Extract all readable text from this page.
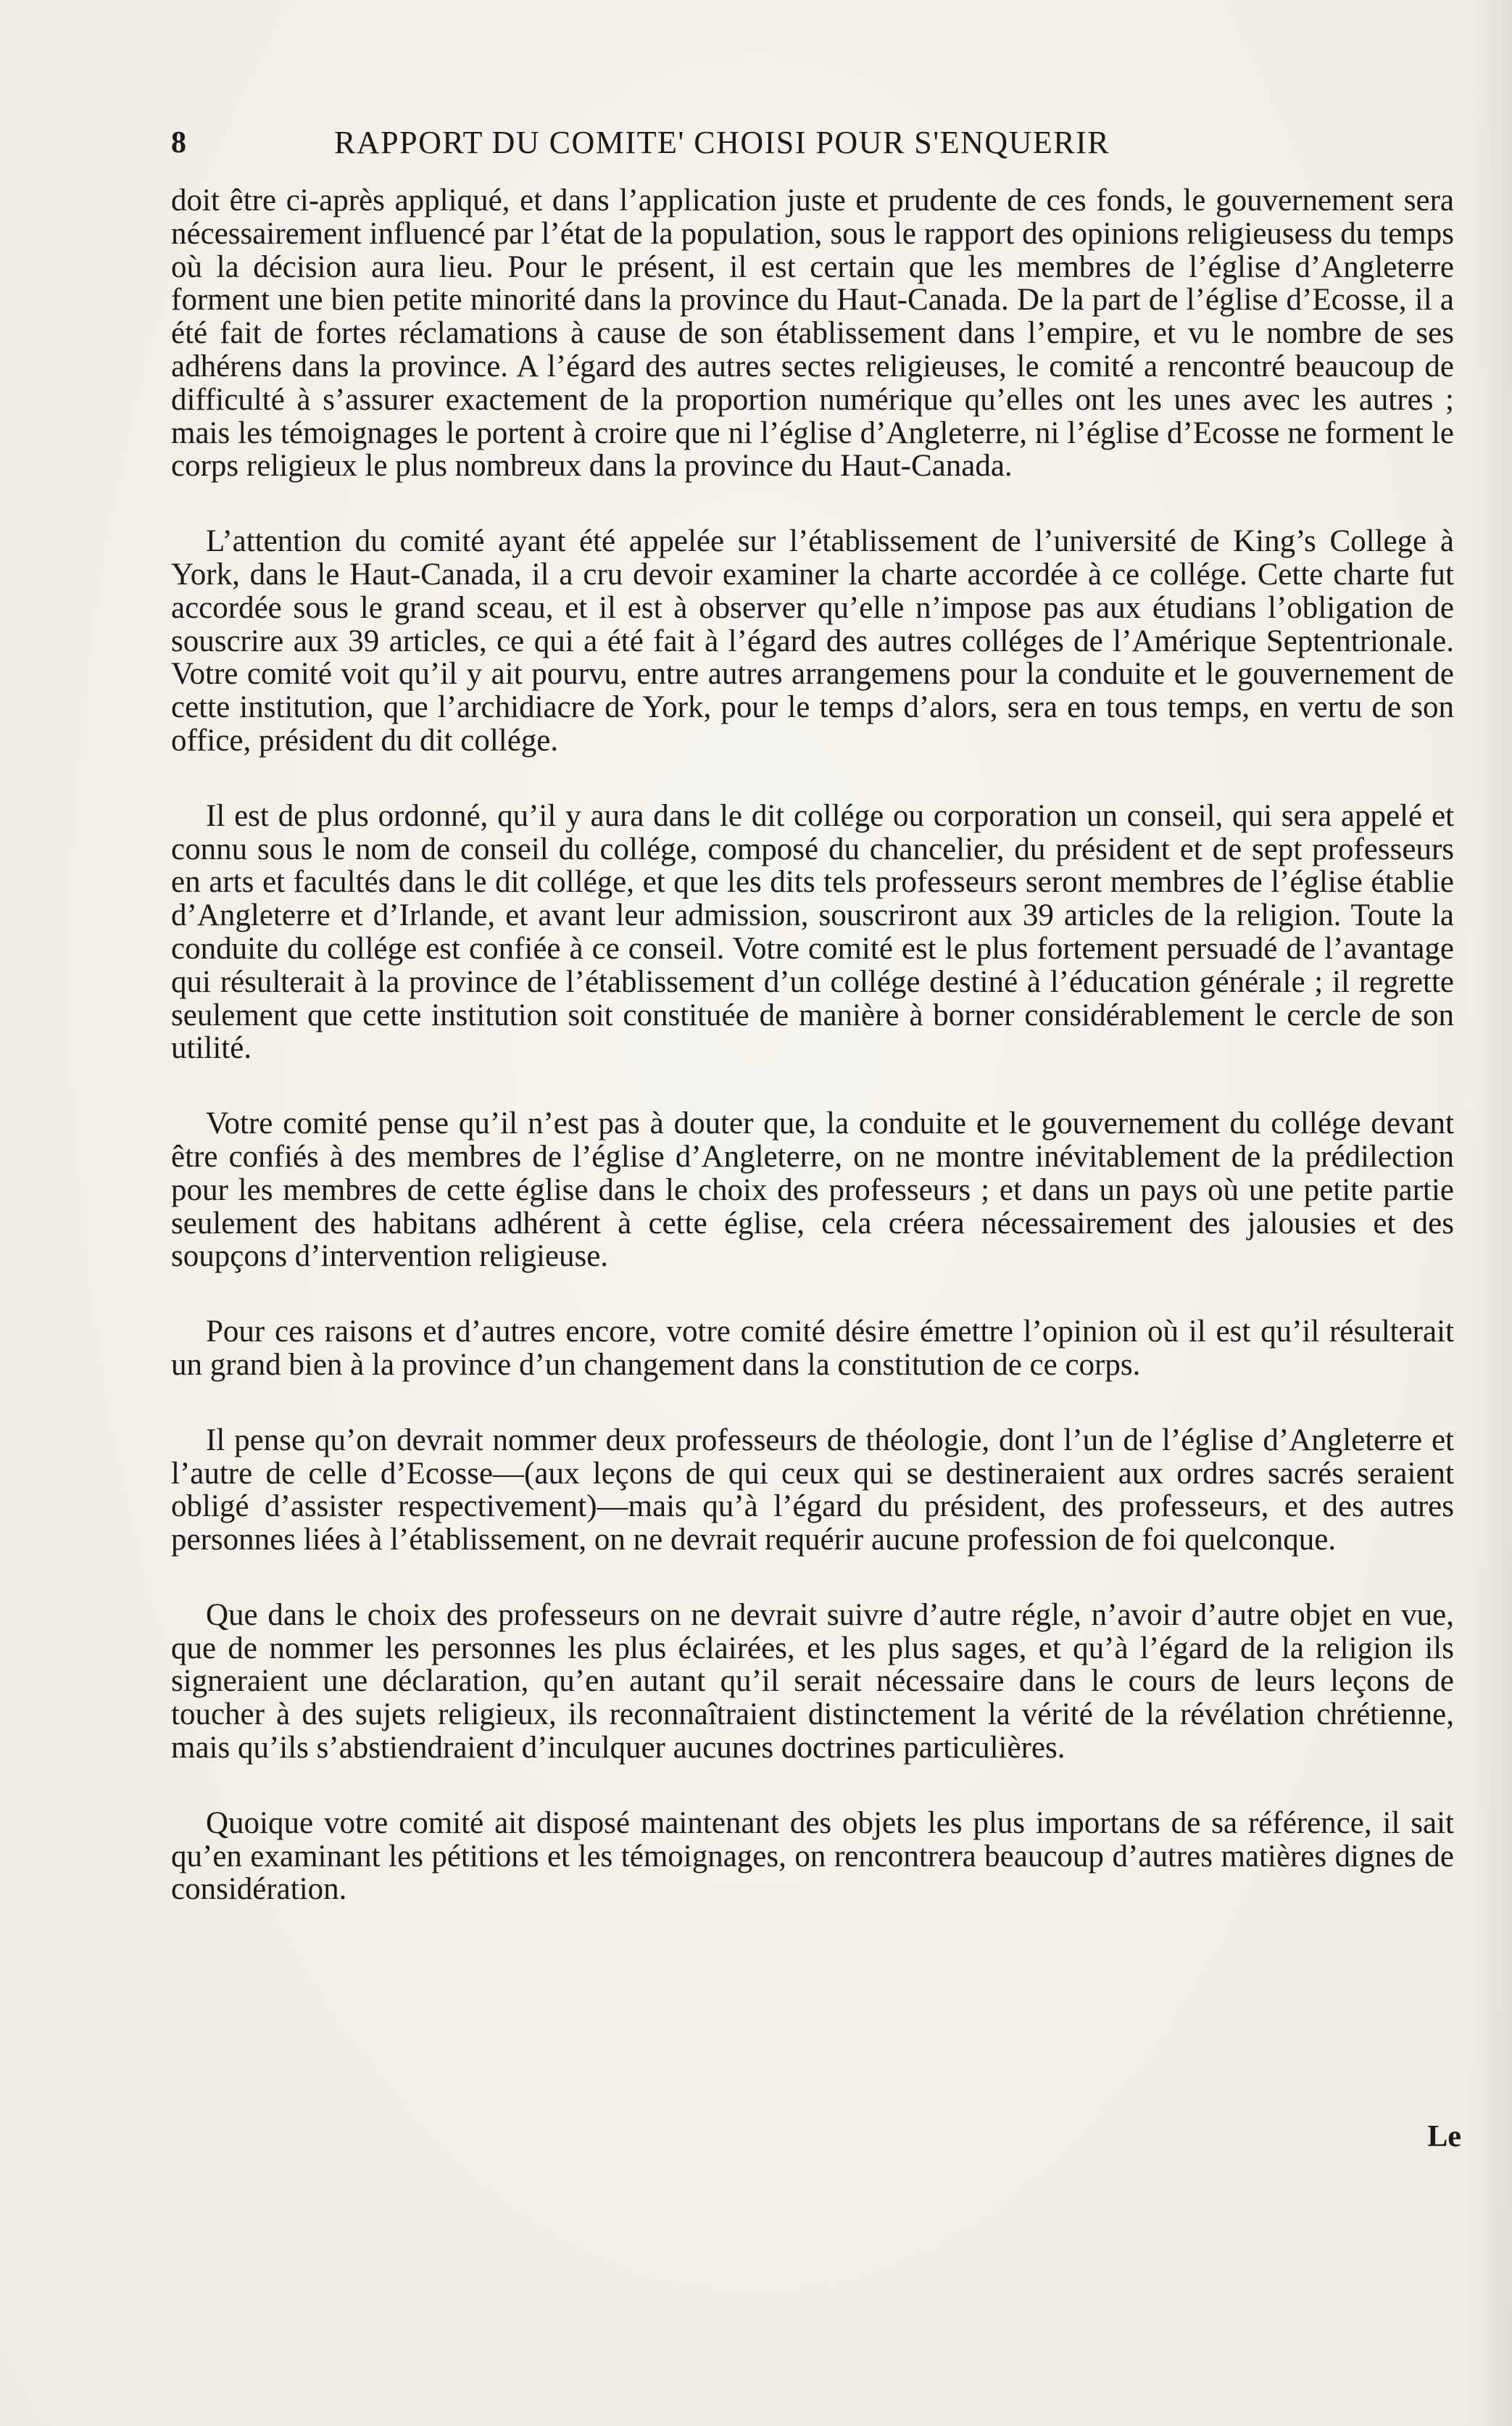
8	RAPPORT DU COMITE' CHOISI POUR S'ENQUERIR

doit être ci-après appliqué, et dans l’application juste et prudente de ces fonds, le gouvernement sera nécessairement influencé par l’état de la population, sous le rapport des opinions religieusess du temps où la décision aura lieu. Pour le présent, il est certain que les membres de l’église d’Angleterre forment une bien petite minorité dans la province du Haut-Canada. De la part de l’église d’Ecosse, il a été fait de fortes réclamations à cause de son établissement dans l’empire, et vu le nombre de ses adhérens dans la province. A l’égard des autres sectes religieuses, le comité a rencontré beaucoup de difficulté à s’assurer exactement de la proportion numérique qu’elles ont les unes avec les autres ; mais les témoignages le portent à croire que ni l’église d’Angleterre, ni l’église d’Ecosse ne forment le corps religieux le plus nombreux dans la province du Haut-Canada.

L’attention du comité ayant été appelée sur l’établissement de l’université de King’s College à York, dans le Haut-Canada, il a cru devoir examiner la charte accordée à ce collége. Cette charte fut accordée sous le grand sceau, et il est à observer qu’elle n’impose pas aux étudians l’obligation de souscrire aux 39 articles, ce qui a été fait à l’égard des autres colléges de l’Amérique Septentrionale. Votre comité voit qu’il y ait pourvu, entre autres arrangemens pour la conduite et le gouvernement de cette institution, que l’archidiacre de York, pour le temps d’alors, sera en tous temps, en vertu de son office, président du dit collége.

Il est de plus ordonné, qu’il y aura dans le dit collége ou corporation un conseil, qui sera appelé et connu sous le nom de conseil du collége, composé du chancelier, du président et de sept professeurs en arts et facultés dans le dit collége, et que les dits tels professeurs seront membres de l’église établie d’Angleterre et d’Irlande, et avant leur admission, souscriront aux 39 articles de la religion. Toute la conduite du collége est confiée à ce conseil. Votre comité est le plus fortement persuadé de l’avantage qui résulterait à la province de l’établissement d’un collége destiné à l’éducation générale ; il regrette seulement que cette institution soit constituée de manière à borner considérablement le cercle de son utilité.

Votre comité pense qu’il n’est pas à douter que, la conduite et le gouvernement du collége devant être confiés à des membres de l’église d’Angleterre, on ne montre inévitablement de la prédilection pour les membres de cette église dans le choix des professeurs ; et dans un pays où une petite partie seulement des habitans adhérent à cette église, cela créera nécessairement des jalousies et des soupçons d’intervention religieuse.

Pour ces raisons et d’autres encore, votre comité désire émettre l’opinion où il est qu’il résulterait un grand bien à la province d’un changement dans la constitution de ce corps.

Il pense qu’on devrait nommer deux professeurs de théologie, dont l’un de l’église d’Angleterre et l’autre de celle d’Ecosse—(aux leçons de qui ceux qui se destineraient aux ordres sacrés seraient obligé d’assister respectivement)—mais qu’à l’égard du président, des professeurs, et des autres personnes liées à l’établissement, on ne devrait requérir aucune profession de foi quelconque.

Que dans le choix des professeurs on ne devrait suivre d’autre régle, n’avoir d’autre objet en vue, que de nommer les personnes les plus éclairées, et les plus sages, et qu’à l’égard de la religion ils signeraient une déclaration, qu’en autant qu’il serait nécessaire dans le cours de leurs leçons de toucher à des sujets religieux, ils reconnaîtraient distinctement la vérité de la révélation chrétienne, mais qu’ils s’abstiendraient d’inculquer aucunes doctrines particulières.

Quoique votre comité ait disposé maintenant des objets les plus importans de sa référence, il sait qu’en examinant les pétitions et les témoignages, on rencontrera beaucoup d’autres matières dignes de considération.

Le
